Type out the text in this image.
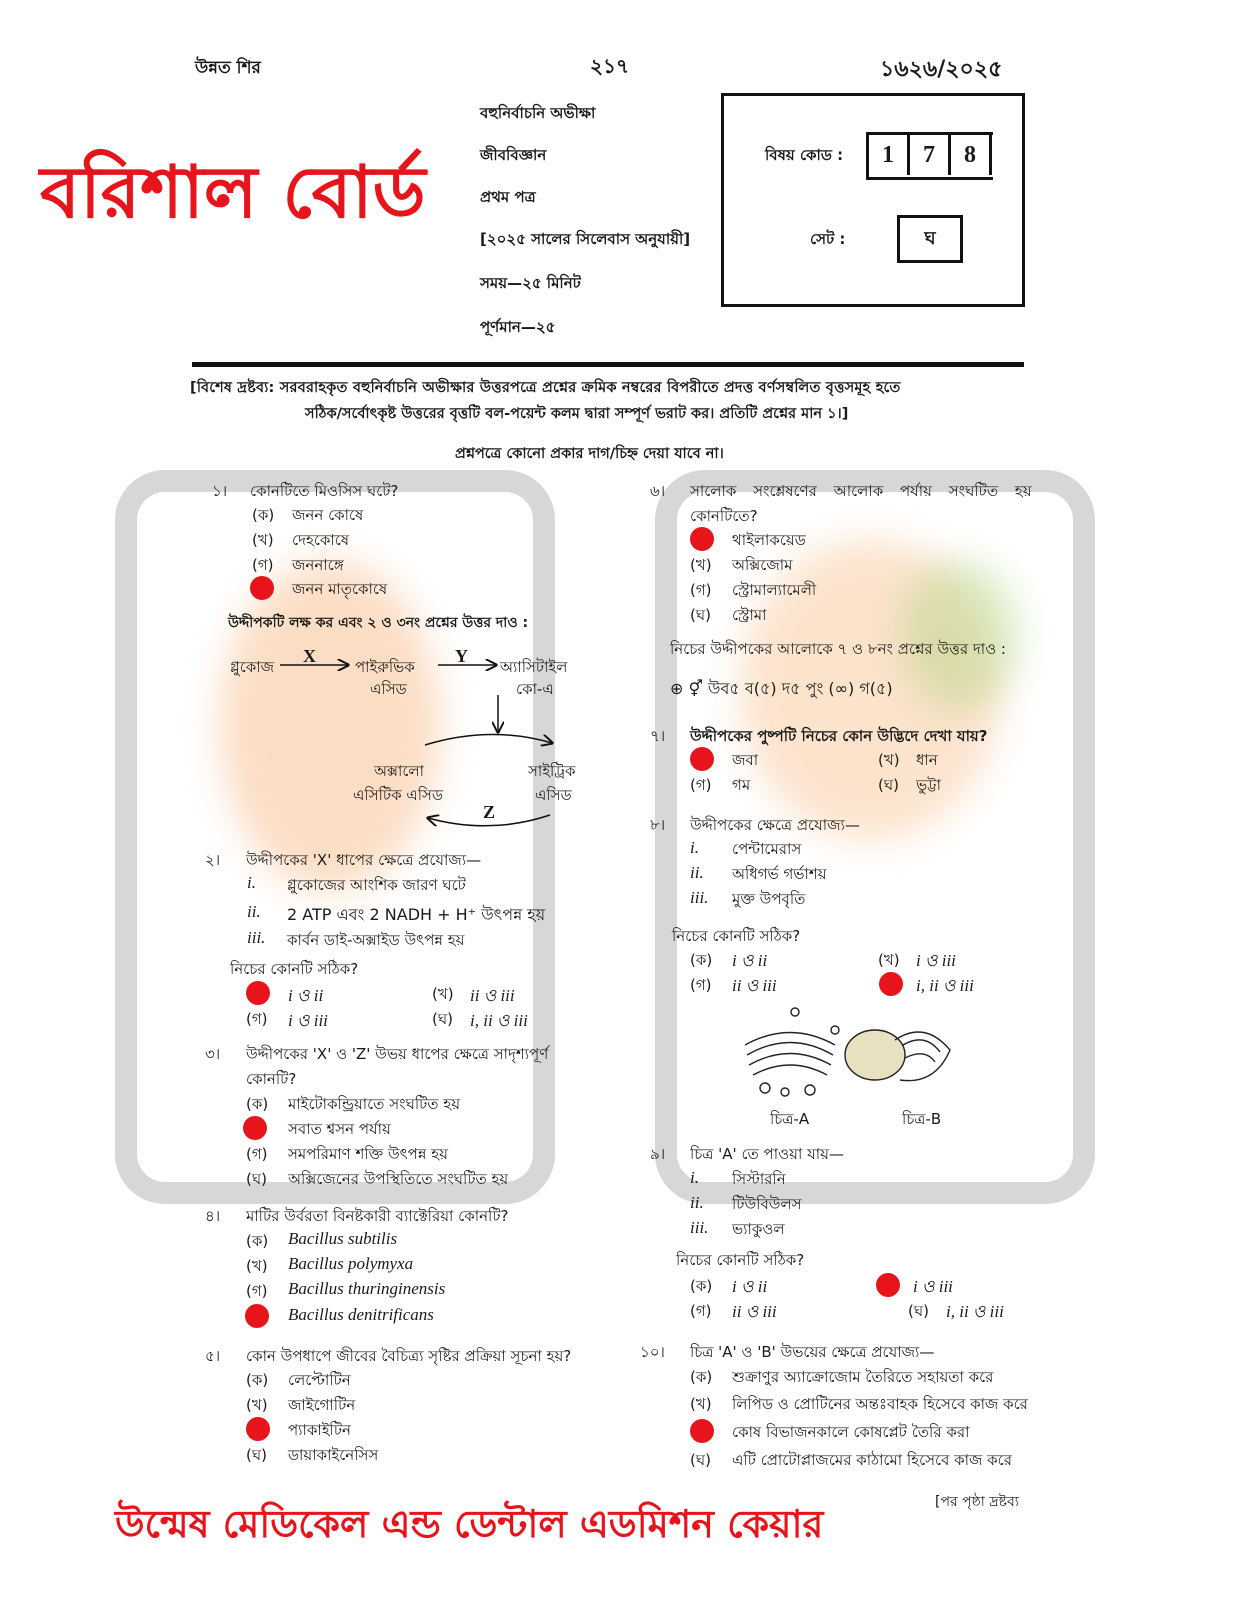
উন্নত শির	২১৭	১৬২৬/২০২৫
বরিশাল বোর্ড
বহুনির্বাচনি অভীক্ষা
জীববিজ্ঞান
প্রথম পত্র
[২০২৫ সালের সিলেবাস অনুযায়ী]
সময়—২৫ মিনিট
পূর্ণমান—২৫
বিষয় কোড :	1	7	8
সেট :	ঘ
[বিশেষ দ্রষ্টব্য: সরবরাহকৃত বহুনির্বাচনি অভীক্ষার উত্তরপত্রে প্রশ্নের ক্রমিক নম্বরের বিপরীতে প্রদত্ত বর্ণসম্বলিত বৃত্তসমূহ হতে
সঠিক/সর্বোৎকৃষ্ট উত্তরের বৃত্তটি বল-পয়েন্ট কলম দ্বারা সম্পূর্ণ ভরাট কর। প্রতিটি প্রশ্নের মান ১।]
প্রশ্নপত্রে কোনো প্রকার দাগ/চিহ্ন দেয়া যাবে না।
১। কোনটিতে মিওসিস ঘটে?
(ক) জনন কোষে
(খ) দেহকোষে
(গ) জননাঙ্গে
জনন মাতৃকোষে
উদ্দীপকটি লক্ষ কর এবং ২ ও ৩নং প্রশ্নের উত্তর দাও :
গ্লুকোজ
X
পাইরুভিক
এসিড
Y
অ্যাসিটাইল
কো-এ
অক্সালো
এসিটিক এসিড
সাইট্রিক
এসিড
Z
২। উদ্দীপকের 'X' ধাপের ক্ষেত্রে প্রযোজ্য—
i. গ্লুকোজের আংশিক জারণ ঘটে
ii. 2 ATP এবং 2 NADH + H⁺ উৎপন্ন হয়
iii. কার্বন ডাই-অক্সাইড উৎপন্ন হয়
নিচের কোনটি সঠিক?
i ও ii	(খ) ii ও iii
(গ) i ও iii	(ঘ) i, ii ও iii
৩। উদ্দীপকের 'X' ও 'Z' উভয় ধাপের ক্ষেত্রে সাদৃশ্যপূর্ণ
কোনটি?
(ক) মাইটোকন্ড্রিয়াতে সংঘটিত হয়
সবাত শ্বসন পর্যায়
(গ) সমপরিমাণ শক্তি উৎপন্ন হয়
(ঘ) অক্সিজেনের উপস্থিতিতে সংঘটিত হয়
৪। মাটির উর্বরতা বিনষ্টকারী ব্যাক্টেরিয়া কোনটি?
(ক) Bacillus subtilis
(খ) Bacillus polymyxa
(গ) Bacillus thuringinensis
Bacillus denitrificans
৫। কোন উপধাপে জীবের বৈচিত্র্য সৃষ্টির প্রক্রিয়া সূচনা হয়?
(ক) লেপ্টোটিন
(খ) জাইগোটিন
প্যাকাইটিন
(ঘ) ডায়াকাইনেসিস
৬। সালোক সংশ্লেষণের আলোক পর্যায় সংঘটিত হয়
কোনটিতে?
থাইলাকয়েড
(খ) অক্সিজোম
(গ) স্ট্রোমাল্যামেলী
(ঘ) স্ট্রোমা
নিচের উদ্দীপকের আলোকে ৭ ও ৮নং প্রশ্নের উত্তর দাও :
⊕ ⚥ উব৫ ব(৫) দ৫ পুং (∞) গ(৫)
৭। উদ্দীপকের পুষ্পটি নিচের কোন উদ্ভিদে দেখা যায়?
জবা	(খ) ধান
(গ) গম	(ঘ) ভুট্টা
৮। উদ্দীপকের ক্ষেত্রে প্রযোজ্য—
i. পেন্টামেরাস
ii. অধিগর্ভ গর্ভাশয়
iii. মুক্ত উপবৃতি
নিচের কোনটি সঠিক?
(ক) i ও ii	(খ) i ও iii
(গ) ii ও iii	i, ii ও iii
চিত্র-A	চিত্র-B
৯। চিত্র 'A' তে পাওয়া যায়—
i. সিস্টারনি
ii. টিউবিউলস
iii. ভ্যাকুওল
নিচের কোনটি সঠিক?
(ক) i ও ii	i ও iii
(গ) ii ও iii	(ঘ) i, ii ও iii
১০। চিত্র 'A' ও 'B' উভয়ের ক্ষেত্রে প্রযোজ্য—
(ক) শুক্রাণুর অ্যাক্রোজোম তৈরিতে সহায়তা করে
(খ) লিপিড ও প্রোটিনের অন্তঃবাহক হিসেবে কাজ করে
কোষ বিভাজনকালে কোষপ্লেট তৈরি করা
(ঘ) এটি প্রোটোপ্লাজমের কাঠামো হিসেবে কাজ করে
উন্মেষ মেডিকেল এন্ড ডেন্টাল এডমিশন কেয়ার	[পর পৃষ্ঠা দ্রষ্টব্য
